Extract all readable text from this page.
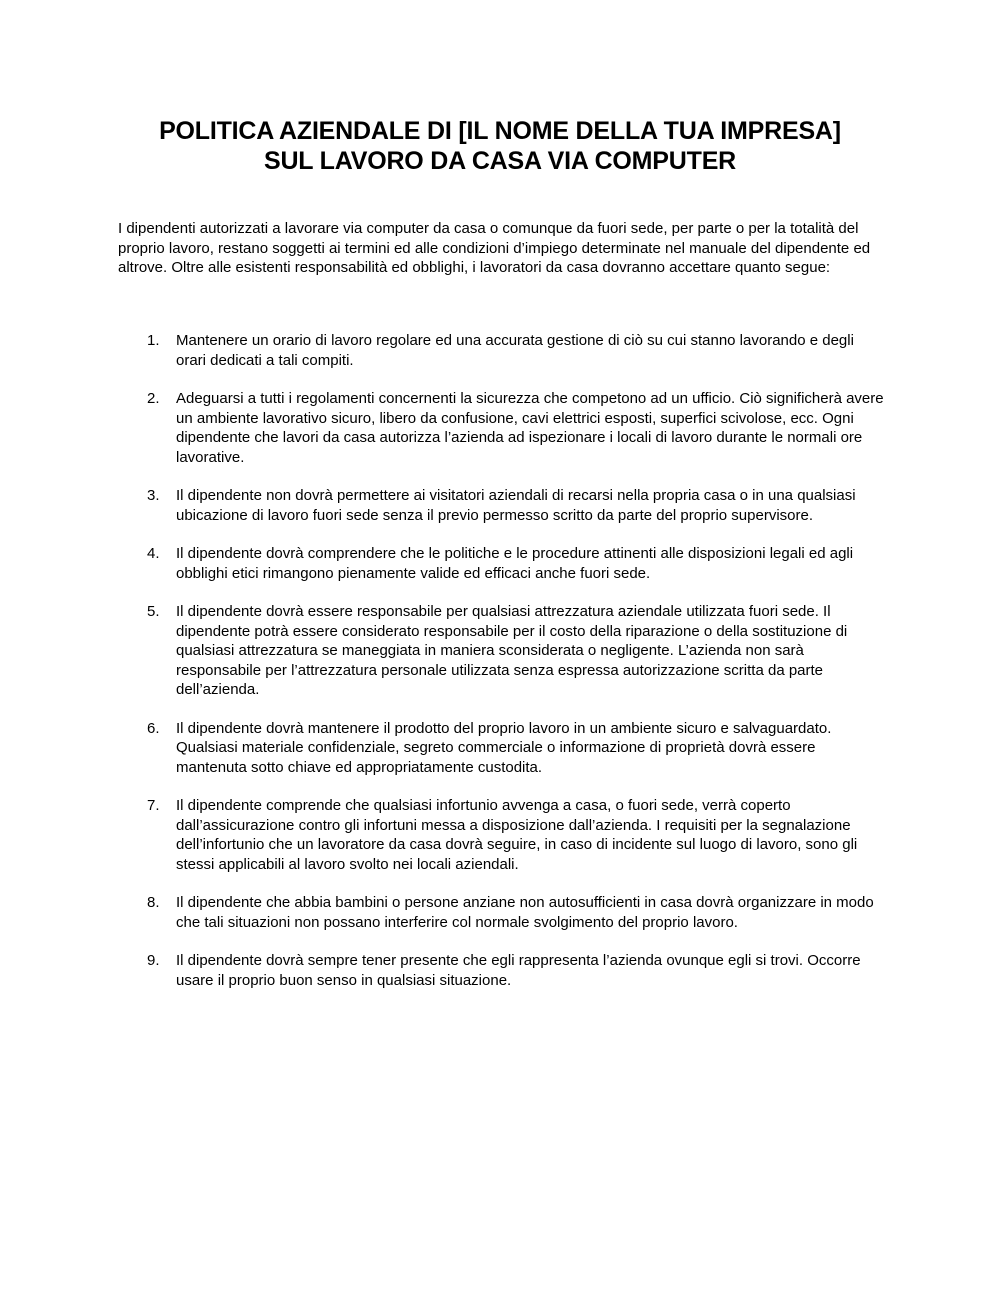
POLITICA AZIENDALE DI [IL NOME DELLA TUA IMPRESA]
SUL LAVORO DA CASA VIA COMPUTER

I dipendenti autorizzati a lavorare via computer da casa o comunque da fuori sede, per parte o per la totalità del proprio lavoro, restano soggetti ai termini ed alle condizioni d’impiego determinate nel manuale del dipendente ed altrove. Oltre alle esistenti responsabilità ed obblighi, i lavoratori da casa dovranno accettare quanto segue:

1. Mantenere un orario di lavoro regolare ed una accurata gestione di ciò su cui stanno lavorando e degli orari dedicati a tali compiti.
2. Adeguarsi a tutti i regolamenti concernenti la sicurezza che competono ad un ufficio. Ciò significherà avere un ambiente lavorativo sicuro, libero da confusione, cavi elettrici esposti, superfici scivolose, ecc. Ogni dipendente che lavori da casa autorizza l’azienda ad ispezionare i locali di lavoro durante le normali ore lavorative.
3. Il dipendente non dovrà permettere ai visitatori aziendali di recarsi nella propria casa o in una qualsiasi ubicazione di lavoro fuori sede senza il previo permesso scritto da parte del proprio supervisore.
4. Il dipendente dovrà comprendere che le politiche e le procedure attinenti alle disposizioni legali ed agli obblighi etici rimangono pienamente valide ed efficaci anche fuori sede.
5. Il dipendente dovrà essere responsabile per qualsiasi attrezzatura aziendale utilizzata fuori sede. Il dipendente potrà essere considerato responsabile per il costo della riparazione o della sostituzione di qualsiasi attrezzatura se maneggiata in maniera sconsiderata o negligente. L’azienda non sarà responsabile per l’attrezzatura personale utilizzata senza espressa autorizzazione scritta da parte dell’azienda.
6. Il dipendente dovrà mantenere il prodotto del proprio lavoro in un ambiente sicuro e salvaguardato. Qualsiasi materiale confidenziale, segreto commerciale o informazione di proprietà dovrà essere mantenuta sotto chiave ed appropriatamente custodita.
7. Il dipendente comprende che qualsiasi infortunio avvenga a casa, o fuori sede, verrà coperto dall’assicurazione contro gli infortuni messa a disposizione dall’azienda. I requisiti per la segnalazione dell’infortunio che un lavoratore da casa dovrà seguire, in caso di incidente sul luogo di lavoro, sono gli stessi applicabili al lavoro svolto nei locali aziendali.
8. Il dipendente che abbia bambini o persone anziane non autosufficienti in casa dovrà organizzare in modo che tali situazioni non possano interferire col normale svolgimento del proprio lavoro.
9. Il dipendente dovrà sempre tener presente che egli rappresenta l’azienda ovunque egli si trovi. Occorre usare il proprio buon senso in qualsiasi situazione.
